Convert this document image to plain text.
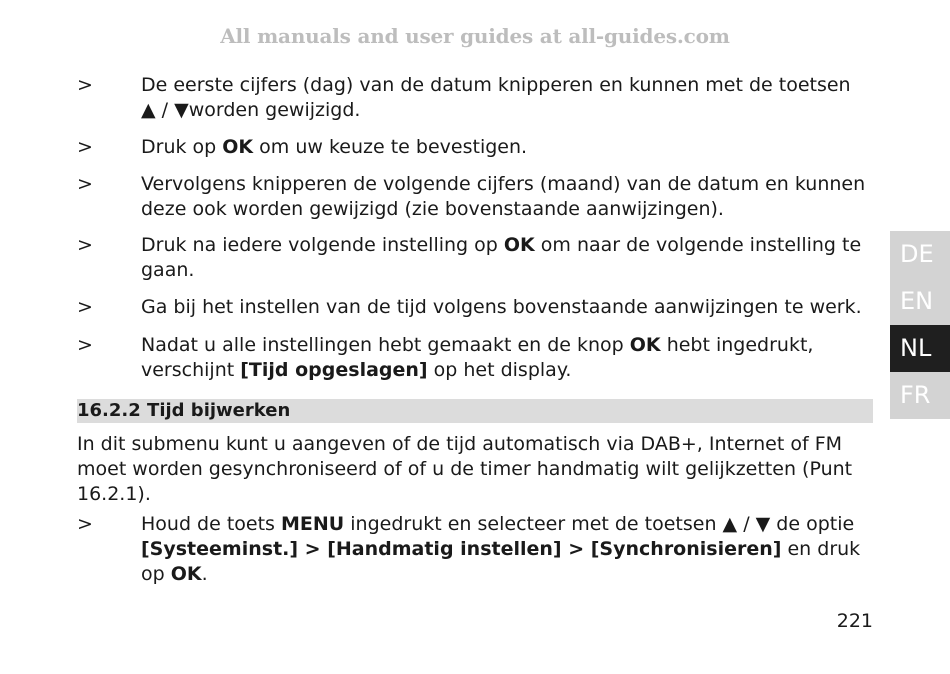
All manuals and user guides at all-guides.com
>	De eerste cijfers (dag) van de datum knipperen en kunnen met de toetsen ▲ / ▼worden gewijzigd.
>	Druk op OK om uw keuze te bevestigen.
>	Vervolgens knipperen de volgende cijfers (maand) van de datum en kunnen deze ook worden gewijzigd (zie bovenstaande aanwijzingen).
>	Druk na iedere volgende instelling op OK om naar de volgende instelling te gaan.
>	Ga bij het instellen van de tijd volgens bovenstaande aanwijzingen te werk.
>	Nadat u alle instellingen hebt gemaakt en de knop OK hebt ingedrukt, verschijnt [Tijd opgeslagen] op het display.
16.2.2 Tijd bijwerken
In dit submenu kunt u aangeven of de tijd automatisch via DAB+, Internet of FM moet worden gesynchroniseerd of of u de timer handmatig wilt gelijkzetten (Punt 16.2.1).
>	Houd de toets MENU ingedrukt en selecteer met de toetsen ▲ / ▼ de optie [Systeeminst.] > [Handmatig instellen] > [Synchronisieren] en druk op OK.
DE
EN
NL
FR
221
